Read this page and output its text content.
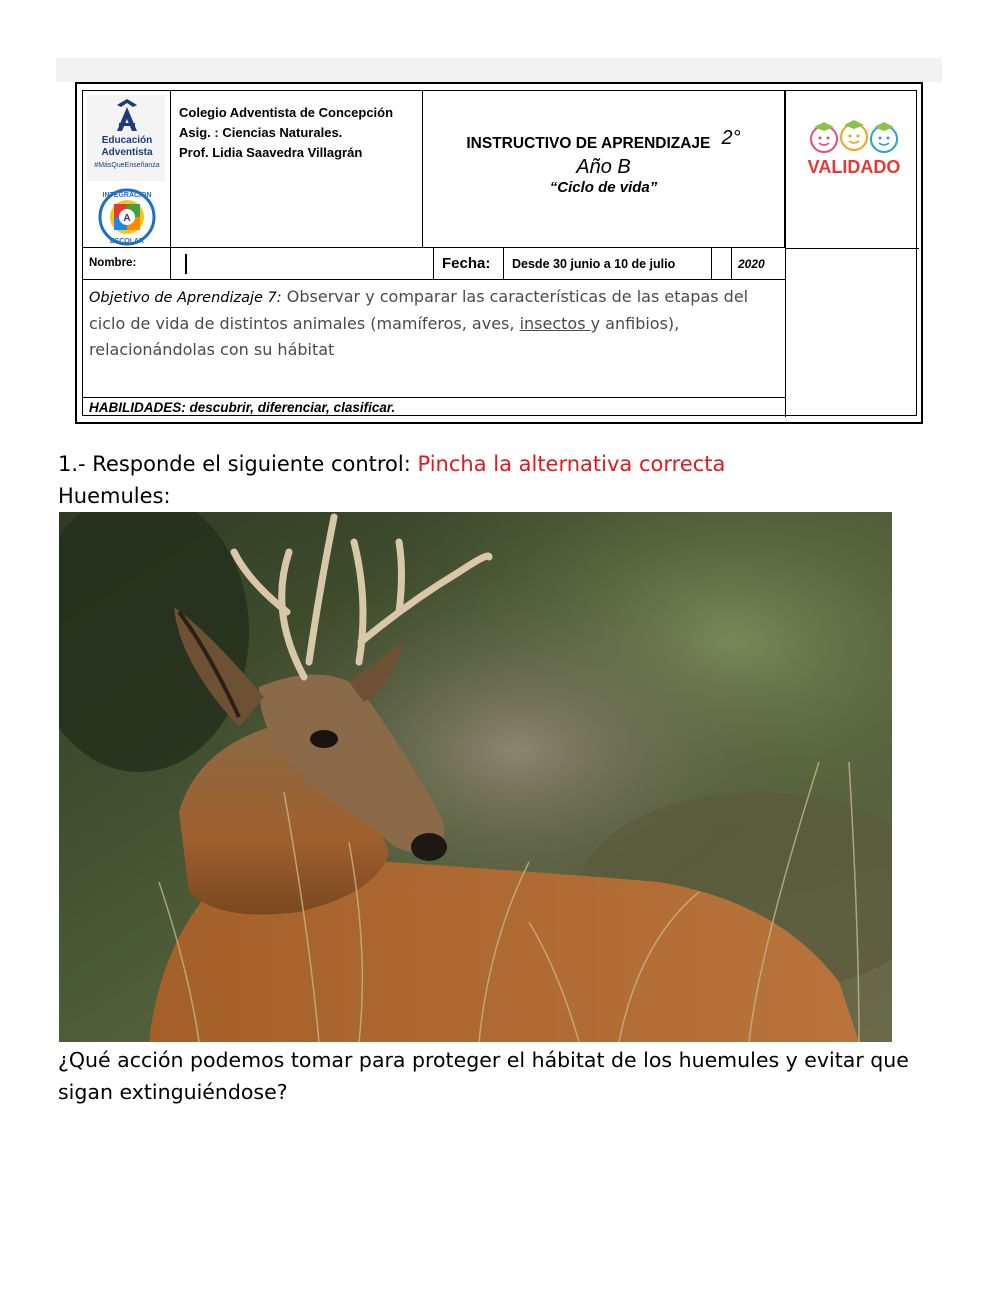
Educación
Adventista
#MásQueEnseñanza
A
INTEGRACION
ESCOLAR
Colegio Adventista de Concepción
Asig. : Ciencias Naturales.
Prof. Lidia Saavedra Villagrán
INSTRUCTIVO DE APRENDIZAJE 2°
Año B
“Ciclo de vida”
VALIDADO
Nombre:	Fecha:	Desde 30 junio a 10 de julio	2020
Objetivo de Aprendizaje 7: Observar y comparar las características de las etapas del ciclo de vida de distintos animales (mamíferos, aves, insectos y anfibios), relacionándolas con su hábitat
HABILIDADES: descubrir, diferenciar, clasificar.
1.- Responde el siguiente control: Pincha la alternativa correcta
Huemules:
¿Qué acción podemos tomar para proteger el hábitat de los huemules y evitar que sigan extinguiéndose?
